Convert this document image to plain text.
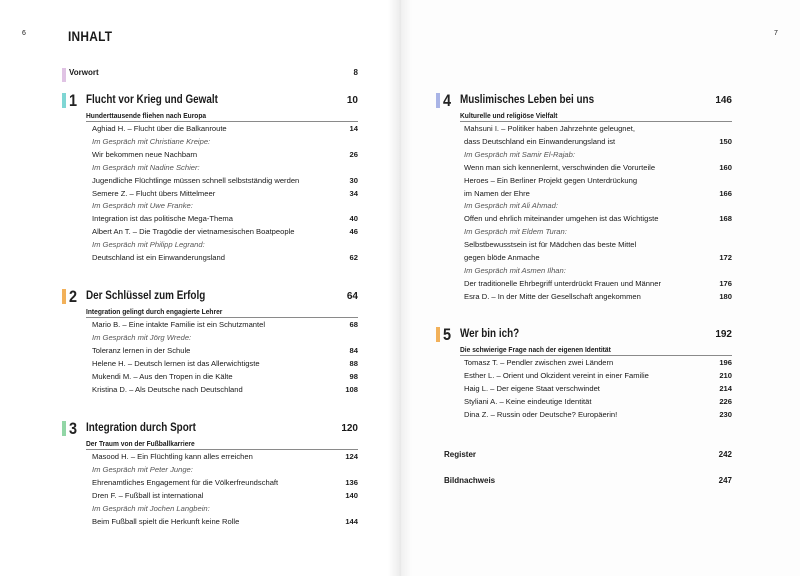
6	INHALT
Vorwort	8
1 Flucht vor Krieg und Gewalt	10
Hunderttausende fliehen nach Europa
Aghiad H. – Flucht über die Balkanroute	14
Im Gespräch mit Christiane Kreipe:
Wir bekommen neue Nachbarn	26
Im Gespräch mit Nadine Schier:
Jugendliche Flüchtlinge müssen schnell selbstständig werden	30
Semere Z. – Flucht übers Mittelmeer	34
Im Gespräch mit Uwe Franke:
Integration ist das politische Mega-Thema	40
Albert An T. – Die Tragödie der vietnamesischen Boatpeople	46
Im Gespräch mit Philipp Legrand:
Deutschland ist ein Einwanderungsland	62
2 Der Schlüssel zum Erfolg	64
Integration gelingt durch engagierte Lehrer
Mario B. – Eine intakte Familie ist ein Schutzmantel	68
Im Gespräch mit Jörg Wrede:
Toleranz lernen in der Schule	84
Helene H. – Deutsch lernen ist das Allerwichtigste	88
Mukendi M. – Aus den Tropen in die Kälte	98
Kristina D. – Als Deutsche nach Deutschland	108
3 Integration durch Sport	120
Der Traum von der Fußballkarriere
Masood H. – Ein Flüchtling kann alles erreichen	124
Im Gespräch mit Peter Junge:
Ehrenamtliches Engagement für die Völkerfreundschaft	136
Dren F. – Fußball ist international	140
Im Gespräch mit Jochen Langbein:
Beim Fußball spielt die Herkunft keine Rolle	144
7
4 Muslimisches Leben bei uns	146
Kulturelle und religiöse Vielfalt
Mahsuni I. – Politiker haben Jahrzehnte geleugnet,
dass Deutschland ein Einwanderungsland ist	150
Im Gespräch mit Samir El-Rajab:
Wenn man sich kennenlernt, verschwinden die Vorurteile	160
Heroes – Ein Berliner Projekt gegen Unterdrückung
im Namen der Ehre	166
Im Gespräch mit Ali Ahmad:
Offen und ehrlich miteinander umgehen ist das Wichtigste	168
Im Gespräch mit Eldem Turan:
Selbstbewusstsein ist für Mädchen das beste Mittel
gegen blöde Anmache	172
Im Gespräch mit Asmen Ilhan:
Der traditionelle Ehrbegriff unterdrückt Frauen und Männer	176
Esra D. – In der Mitte der Gesellschaft angekommen	180
5 Wer bin ich?	192
Die schwierige Frage nach der eigenen Identität
Tomasz T. – Pendler zwischen zwei Ländern	196
Esther L. – Orient und Okzident vereint in einer Familie	210
Haig L. – Der eigene Staat verschwindet	214
Styliani A. – Keine eindeutige Identität	226
Dina Z. – Russin oder Deutsche? Europäerin!	230
Register	242
Bildnachweis	247
